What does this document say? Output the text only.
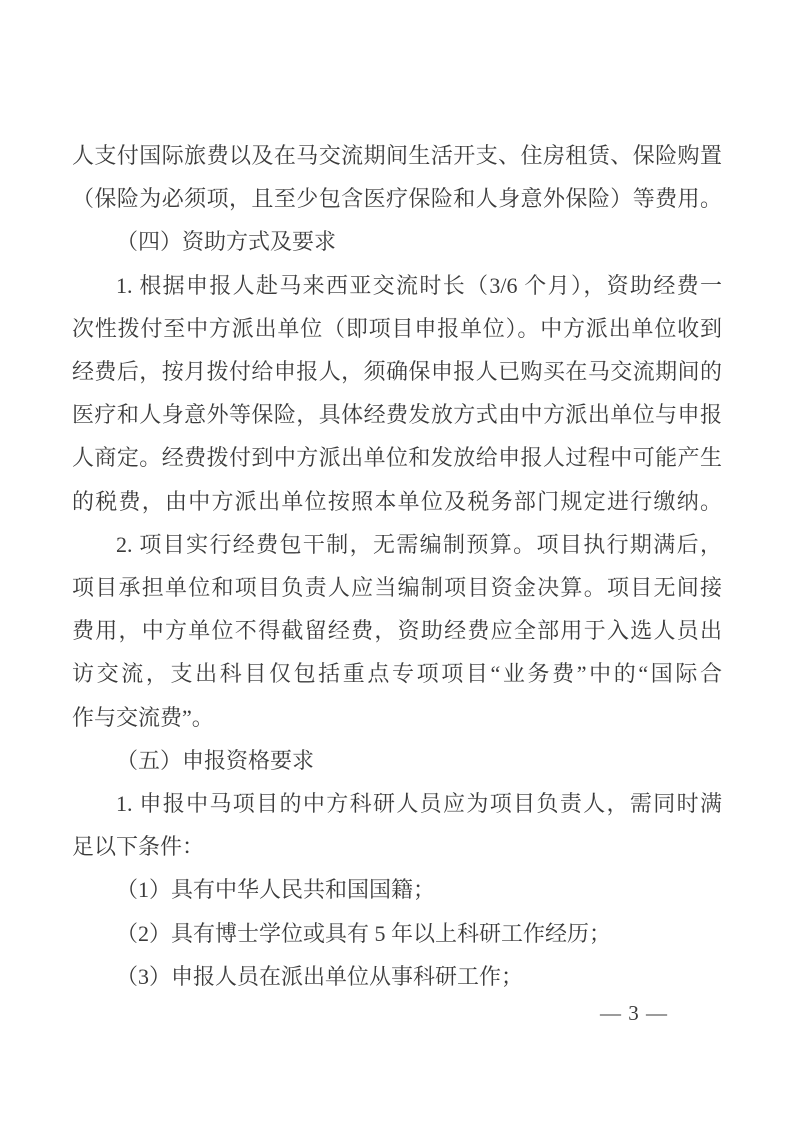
人支付国际旅费以及在马交流期间生活开支、住房租赁、保险购置
（保险为必须项，且至少包含医疗保险和人身意外保险）等费用。
（四）资助方式及要求
1. 根据申报人赴马来西亚交流时长（3/6 个月），资助经费一
次性拨付至中方派出单位（即项目申报单位）。中方派出单位收到
经费后，按月拨付给申报人，须确保申报人已购买在马交流期间的
医疗和人身意外等保险，具体经费发放方式由中方派出单位与申报
人商定。经费拨付到中方派出单位和发放给申报人过程中可能产生
的税费，由中方派出单位按照本单位及税务部门规定进行缴纳。
2. 项目实行经费包干制，无需编制预算。项目执行期满后，
项目承担单位和项目负责人应当编制项目资金决算。项目无间接
费用，中方单位不得截留经费，资助经费应全部用于入选人员出
访交流，支出科目仅包括重点专项项目“业务费”中的“国际合
作与交流费”。
（五）申报资格要求
1. 申报中马项目的中方科研人员应为项目负责人，需同时满
足以下条件：
（1）具有中华人民共和国国籍；
（2）具有博士学位或具有 5 年以上科研工作经历；
（3）申报人员在派出单位从事科研工作；
— 3 —
